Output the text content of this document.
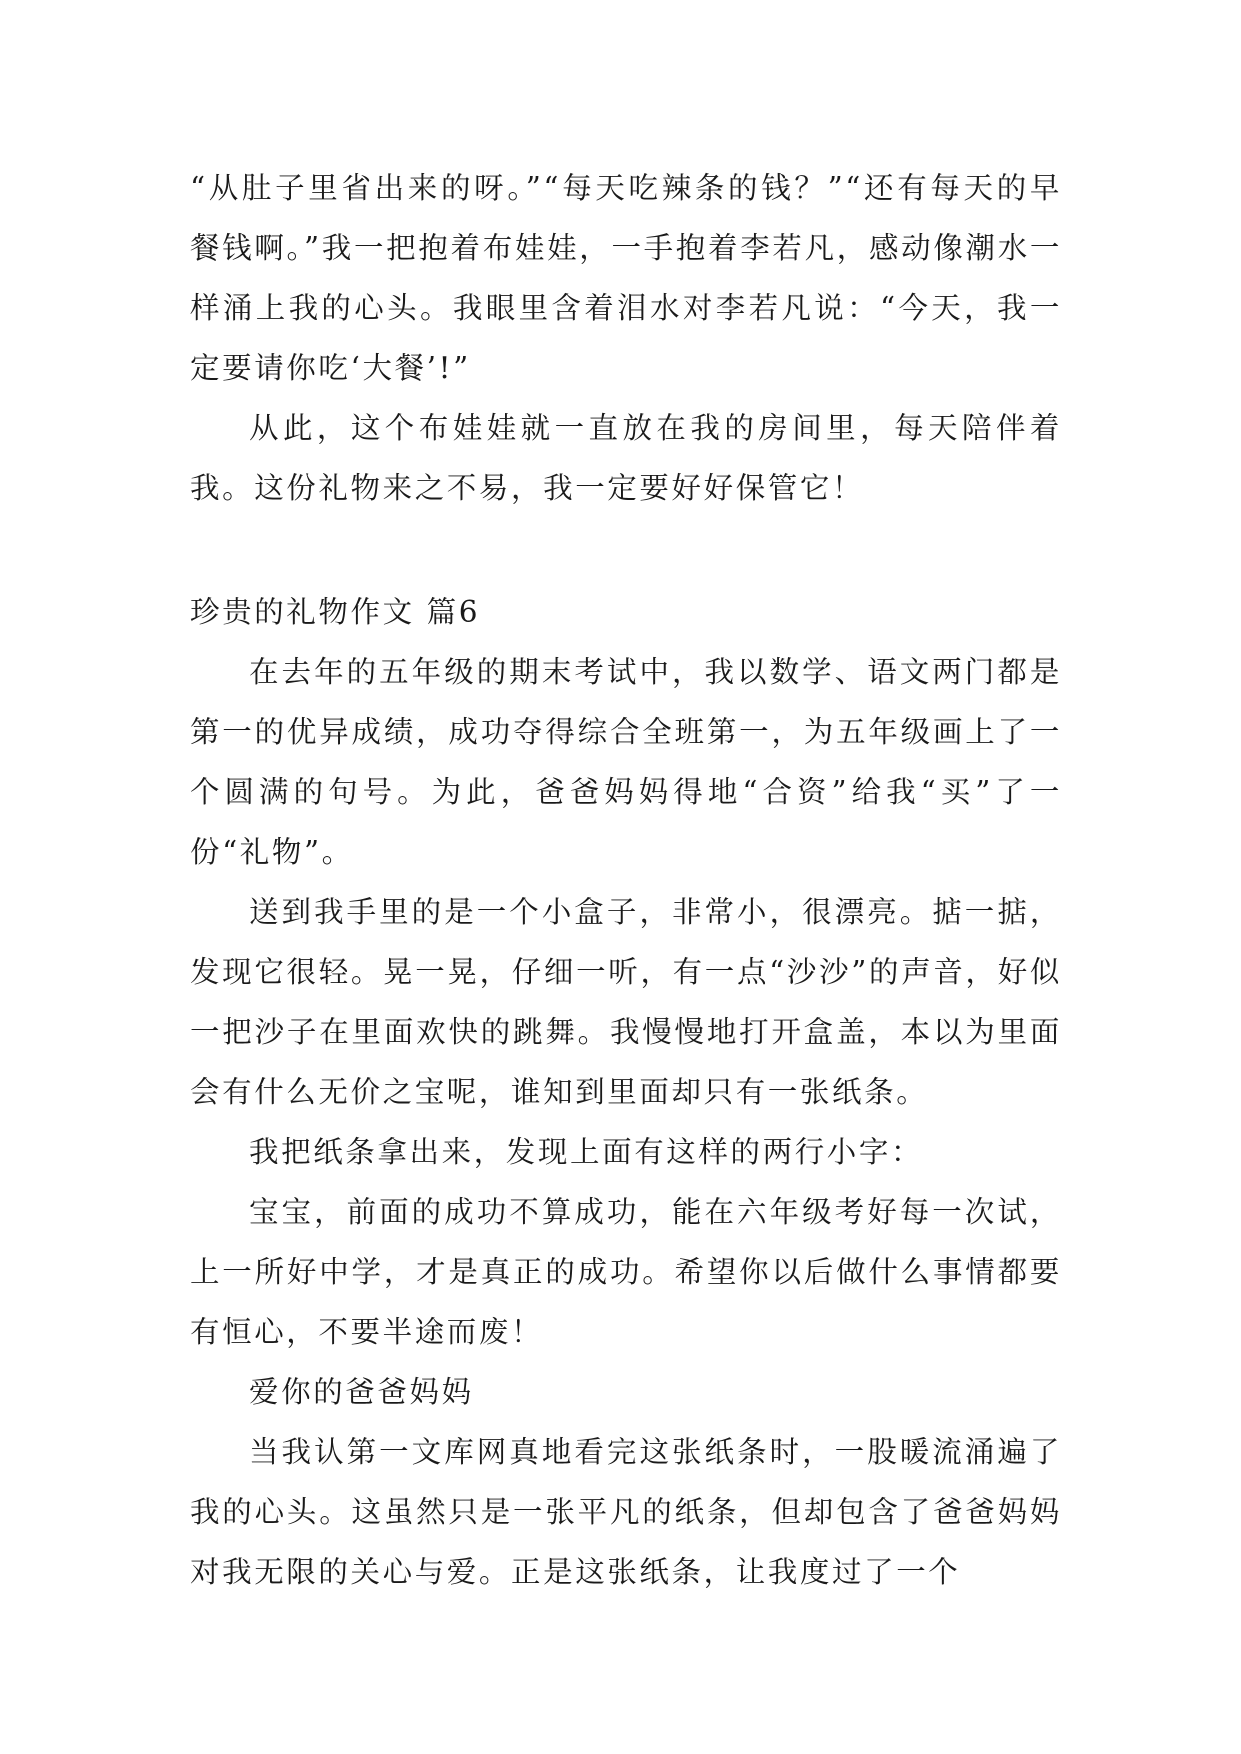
“从肚子里省出来的呀。”“每天吃辣条的钱？”“还有每天的早餐钱啊。”我一把抱着布娃娃，一手抱着李若凡，感动像潮水一样涌上我的心头。我眼里含着泪水对李若凡说：“今天，我一定要请你吃‘大餐’!”

从此，这个布娃娃就一直放在我的房间里，每天陪伴着我。这份礼物来之不易，我一定要好好保管它！

珍贵的礼物作文 篇6

在去年的五年级的期末考试中，我以数学、语文两门都是第一的优异成绩，成功夺得综合全班第一，为五年级画上了一个圆满的句号。为此，爸爸妈妈得地“合资”给我“买”了一份“礼物”。

送到我手里的是一个小盒子，非常小，很漂亮。掂一掂，发现它很轻。晃一晃，仔细一听，有一点“沙沙”的声音，好似一把沙子在里面欢快的跳舞。我慢慢地打开盒盖，本以为里面会有什么无价之宝呢，谁知到里面却只有一张纸条。

我把纸条拿出来，发现上面有这样的两行小字：

宝宝，前面的成功不算成功，能在六年级考好每一次试，上一所好中学，才是真正的成功。希望你以后做什么事情都要有恒心，不要半途而废！

爱你的爸爸妈妈

当我认第一文库网真地看完这张纸条时，一股暖流涌遍了我的心头。这虽然只是一张平凡的纸条，但却包含了爸爸妈妈对我无限的关心与爱。正是这张纸条，让我度过了一个
